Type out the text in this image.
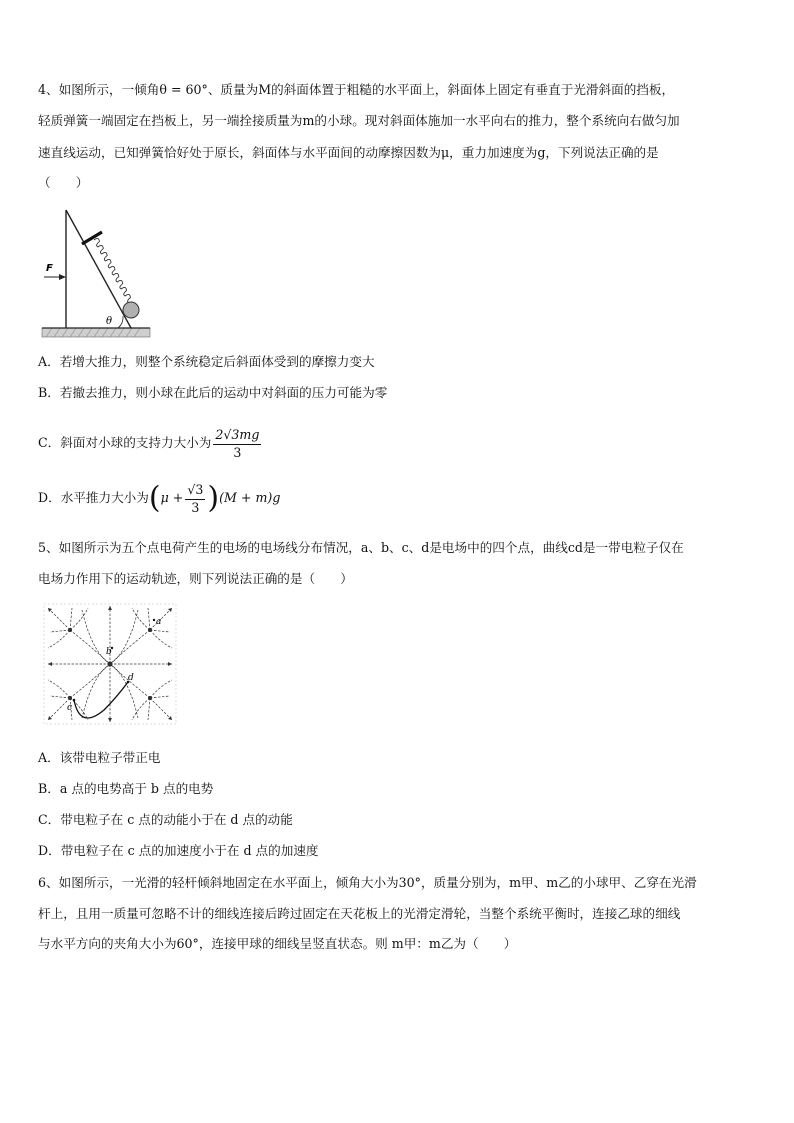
4、如图所示，一倾角θ = 60°、质量为M的斜面体置于粗糙的水平面上，斜面体上固定有垂直于光滑斜面的挡板，
轻质弹簧一端固定在挡板上，另一端拴接质量为m的小球。现对斜面体施加一水平向右的推力，整个系统向右做匀加
速直线运动，已知弹簧恰好处于原长，斜面体与水平面间的动摩擦因数为μ，重力加速度为g，下列说法正确的是
（　　）
θ
F
A．若增大推力，则整个系统稳定后斜面体受到的摩擦力变大
B．若撤去推力，则小球在此后的运动中对斜面的压力可能为零
C．斜面对小球的支持力大小为 $\frac{2√3mg}{3}$
D．水平推力大小为$(\mu + \frac{√3}{3} )(M + m)g$
5、如图所示为五个点电荷产生的电场的电场线分布情况，a、b、c、d是电场中的四个点，曲线cd是一带电粒子仅在
电场力作用下的运动轨迹，则下列说法正确的是（　　）
a
b
c
d
A．该带电粒子带正电
B．a 点的电势高于 b 点的电势
C．带电粒子在 c 点的动能小于在 d 点的动能
D．带电粒子在 c 点的加速度小于在 d 点的加速度
6、如图所示，一光滑的轻杆倾斜地固定在水平面上，倾角大小为30°，质量分别为，m甲、m乙的小球甲、乙穿在光滑
杆上，且用一质量可忽略不计的细线连接后跨过固定在天花板上的光滑定滑轮，当整个系统平衡时，连接乙球的细线
与水平方向的夹角大小为60°，连接甲球的细线呈竖直状态。则 m甲：m乙为（　　）
